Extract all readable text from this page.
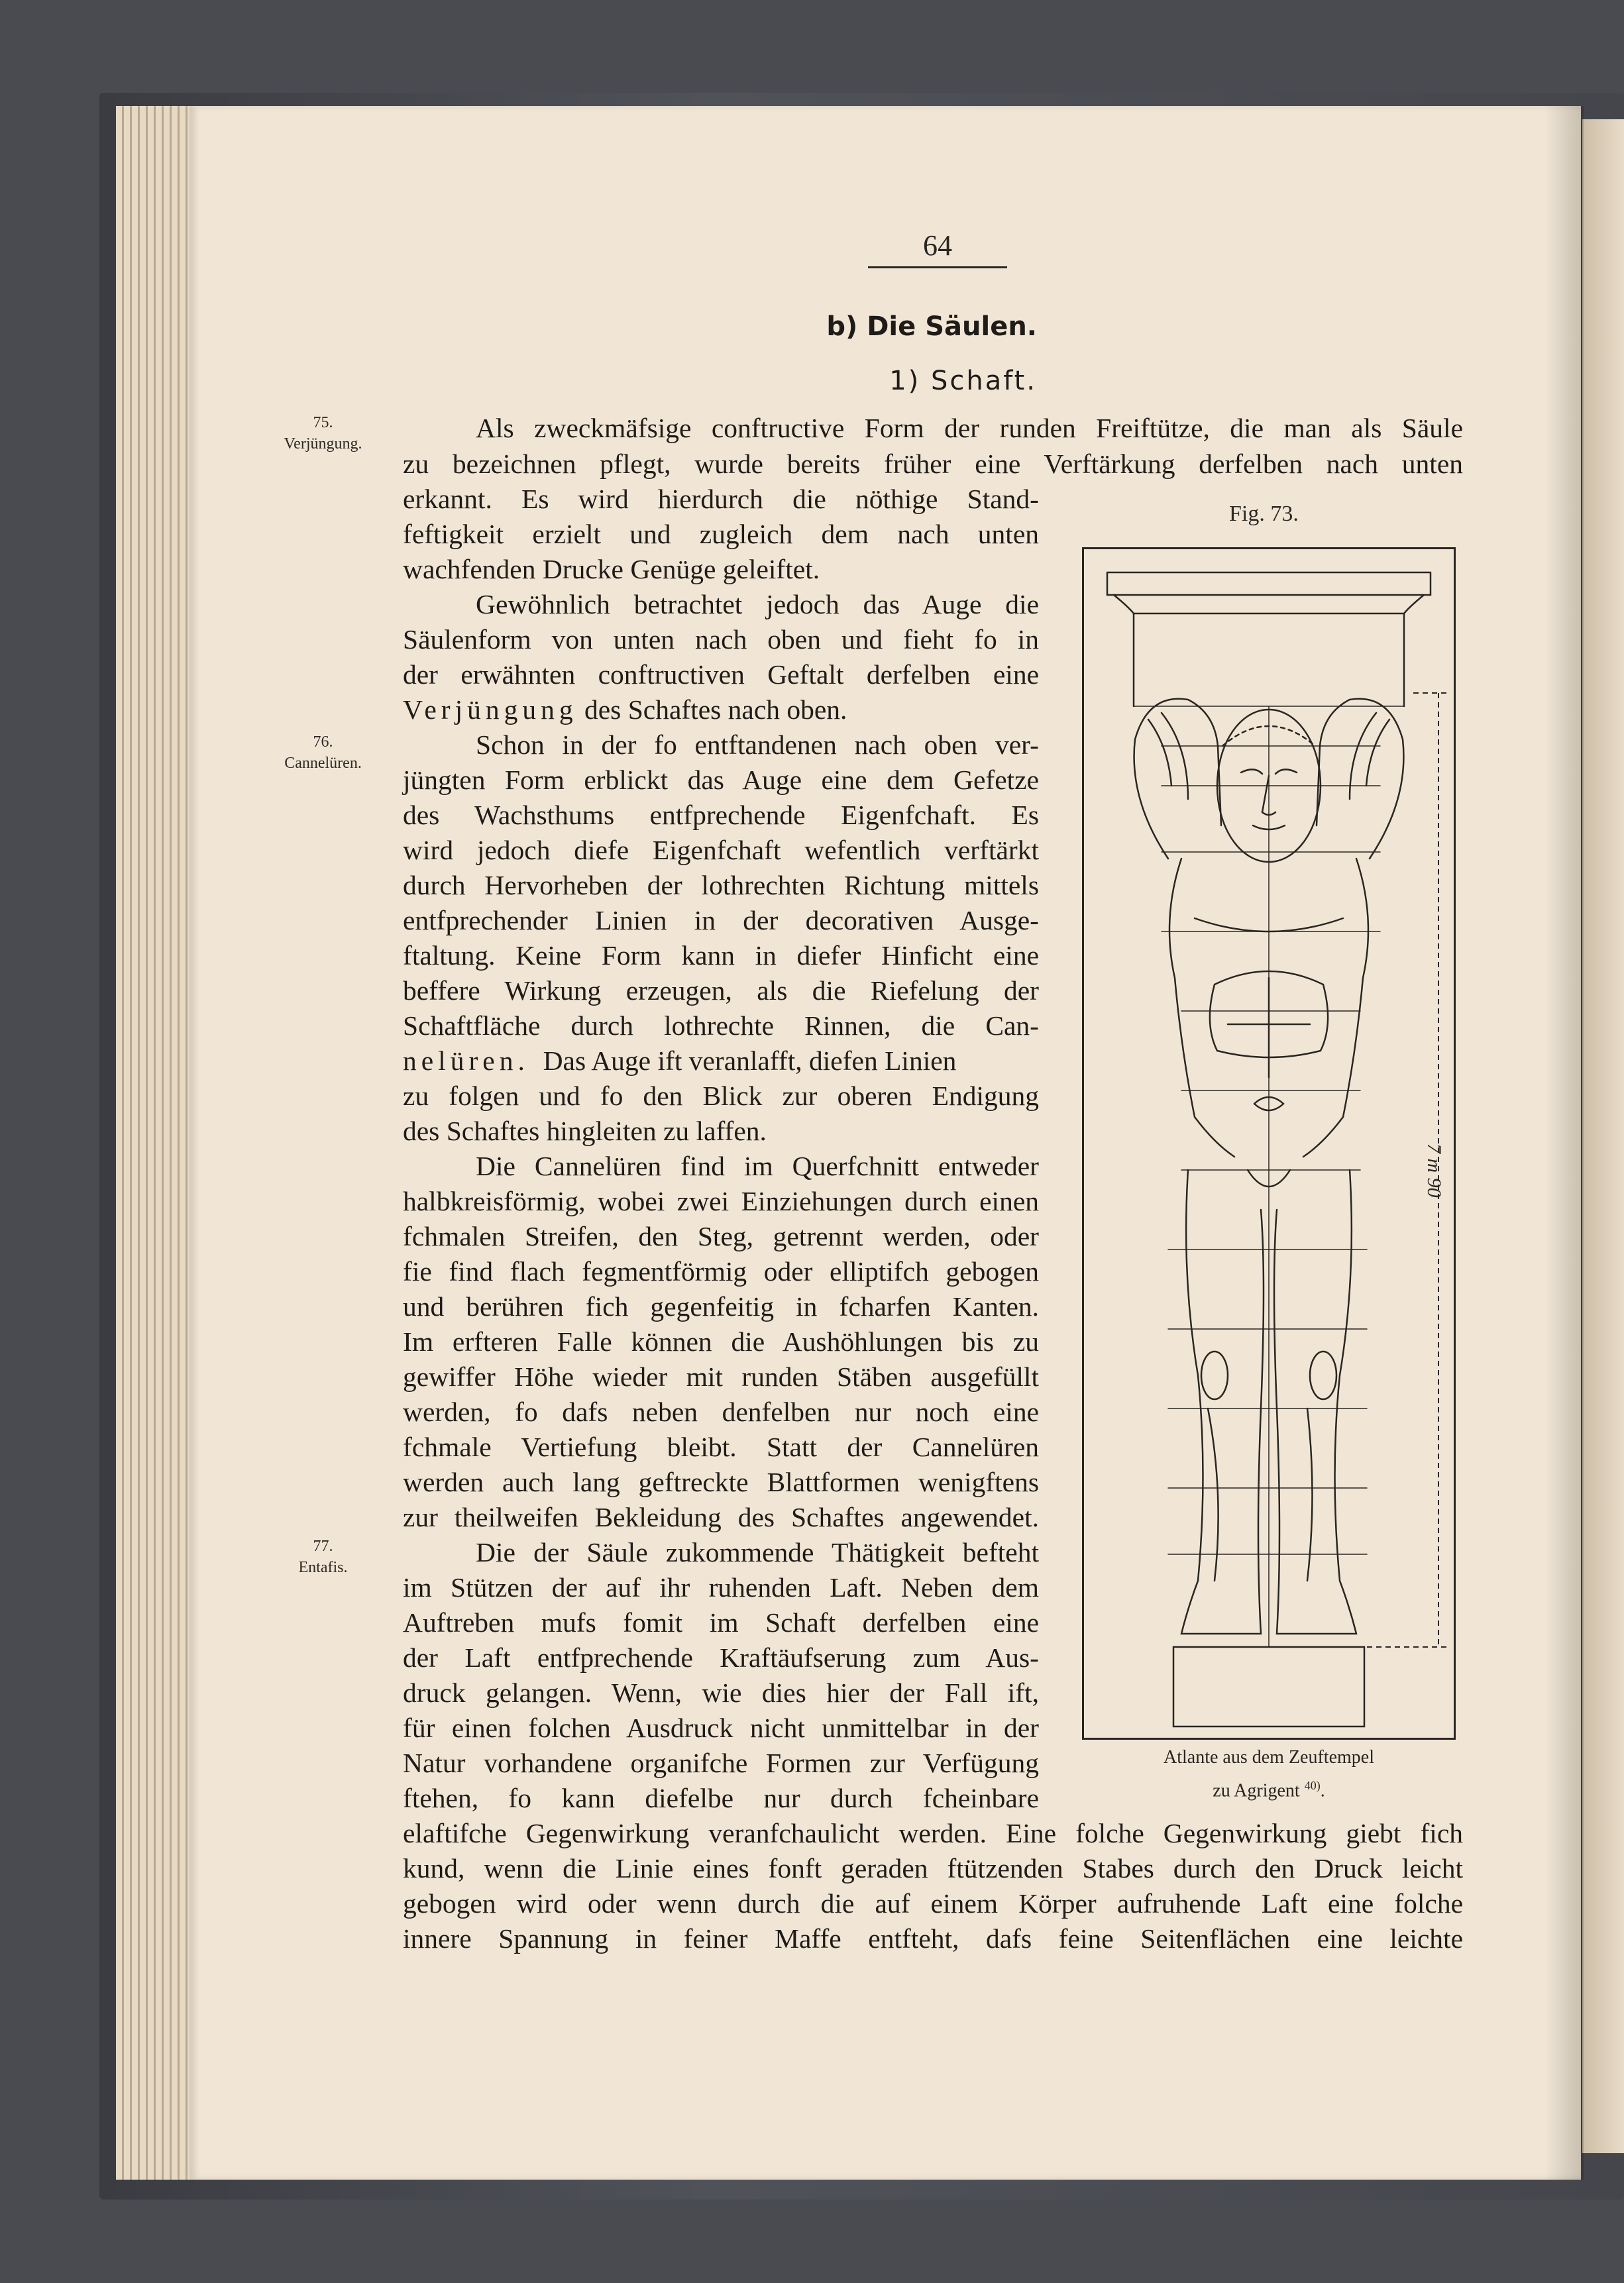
64
b) Die Säulen.
1) Schaft.
75.
Verjüngung.
76.
Cannelüren.
77.
Entafis.
Als zweckmäfsige conftructive Form der runden Freiftütze, die man als Säule
zu bezeichnen pflegt, wurde bereits früher eine Verftärkung derfelben nach unten
erkannt. Es wird hierdurch die nöthige Stand-
feftigkeit erzielt und zugleich dem nach unten
wachfenden Drucke Genüge geleiftet.
Gewöhnlich betrachtet jedoch das Auge die
Säulenform von unten nach oben und fieht fo in
der erwähnten conftructiven Geftalt derfelben eine
Verjüngung des Schaftes nach oben.
Schon in der fo entftandenen nach oben ver-
jüngten Form erblickt das Auge eine dem Gefetze
des Wachsthums entfprechende Eigenfchaft. Es
wird jedoch diefe Eigenfchaft wefentlich verftärkt
durch Hervorheben der lothrechten Richtung mittels
entfprechender Linien in der decorativen Ausge-
ftaltung. Keine Form kann in diefer Hinficht eine
beffere Wirkung erzeugen, als die Riefelung der
Schaftfläche durch lothrechte Rinnen, die Can-
nelüren. Das Auge ift veranlafft, diefen Linien
zu folgen und fo den Blick zur oberen Endigung
des Schaftes hingleiten zu laffen.
Die Cannelüren find im Querfchnitt entweder
halbkreisförmig, wobei zwei Einziehungen durch einen
fchmalen Streifen, den Steg, getrennt werden, oder
fie find flach fegmentförmig oder elliptifch gebogen
und berühren fich gegenfeitig in fcharfen Kanten.
Im erfteren Falle können die Aushöhlungen bis zu
gewiffer Höhe wieder mit runden Stäben ausgefüllt
werden, fo dafs neben denfelben nur noch eine
fchmale Vertiefung bleibt. Statt der Cannelüren
werden auch lang geftreckte Blattformen wenigftens
zur theilweifen Bekleidung des Schaftes angewendet.
Die der Säule zukommende Thätigkeit befteht
im Stützen der auf ihr ruhenden Laft. Neben dem
Auftreben mufs fomit im Schaft derfelben eine
der Laft entfprechende Kraftäufserung zum Aus-
druck gelangen. Wenn, wie dies hier der Fall ift,
für einen folchen Ausdruck nicht unmittelbar in der
Natur vorhandene organifche Formen zur Verfügung
ftehen, fo kann diefelbe nur durch fcheinbare
elaftifche Gegenwirkung veranfchaulicht werden. Eine folche Gegenwirkung giebt fich
kund, wenn die Linie eines fonft geraden ftützenden Stabes durch den Druck leicht
gebogen wird oder wenn durch die auf einem Körper aufruhende Laft eine folche
innere Spannung in feiner Maffe entfteht, dafs feine Seitenflächen eine leichte
Fig. 73.
7 m 90
Atlante aus dem Zeuftempel
zu Agrigent $^{40)}$.
